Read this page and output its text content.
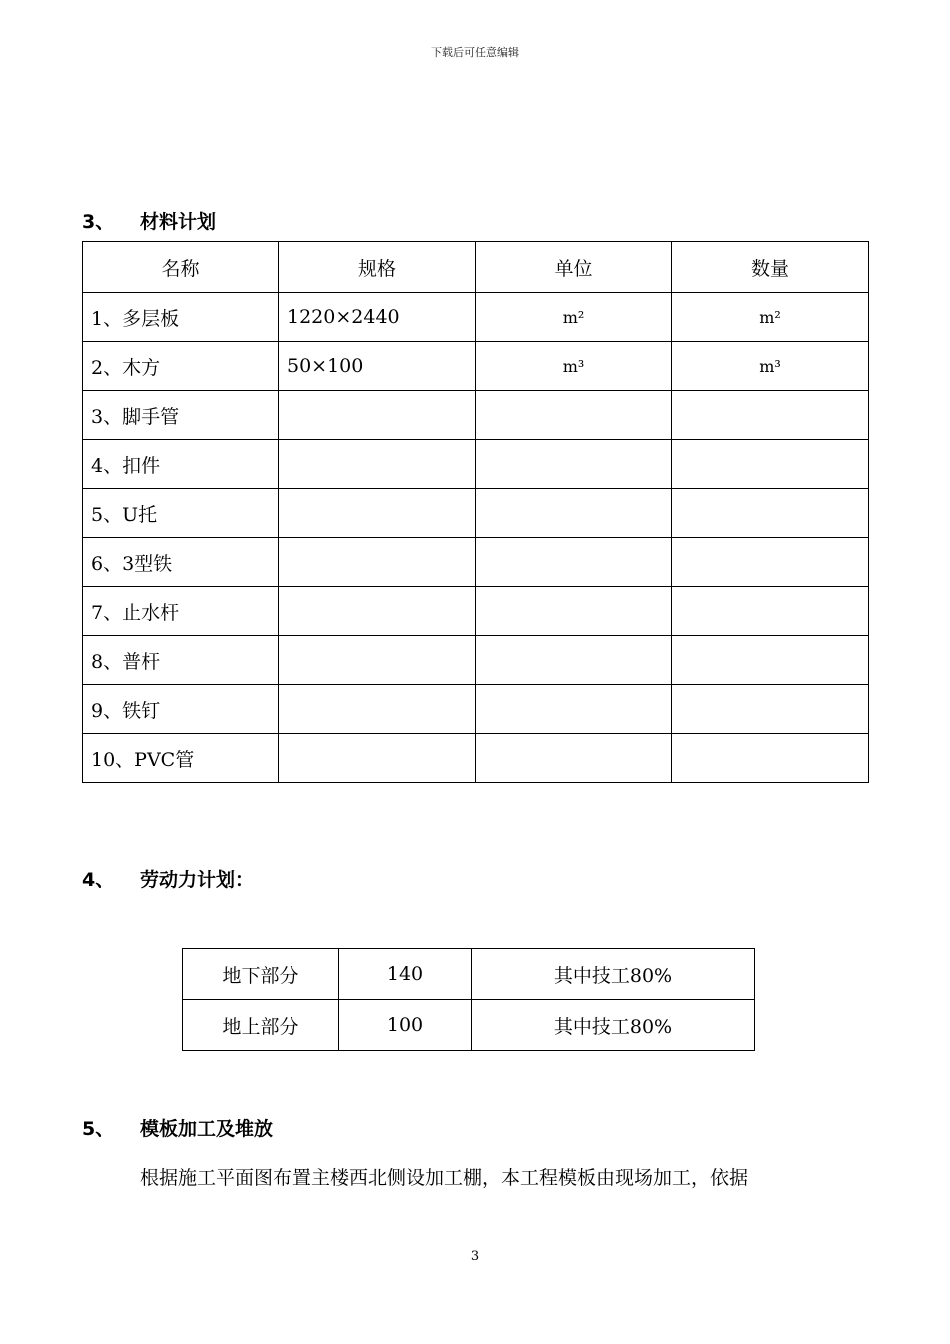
下载后可任意编辑
3、 材料计划
名称	规格	单位	数量
1、多层板	1220×2440	m²	m²
2、木方	50×100	m³	m³
3、脚手管			
4、扣件			
5、U托			
6、3型铁			
7、止水杆			
8、普杆			
9、铁钉			
10、PVC管			
4、 劳动力计划：
地下部分	140	其中技工80%
地上部分	100	其中技工80%
5、 模板加工及堆放
根据施工平面图布置主楼西北侧设加工棚，本工程模板由现场加工，依据
3
